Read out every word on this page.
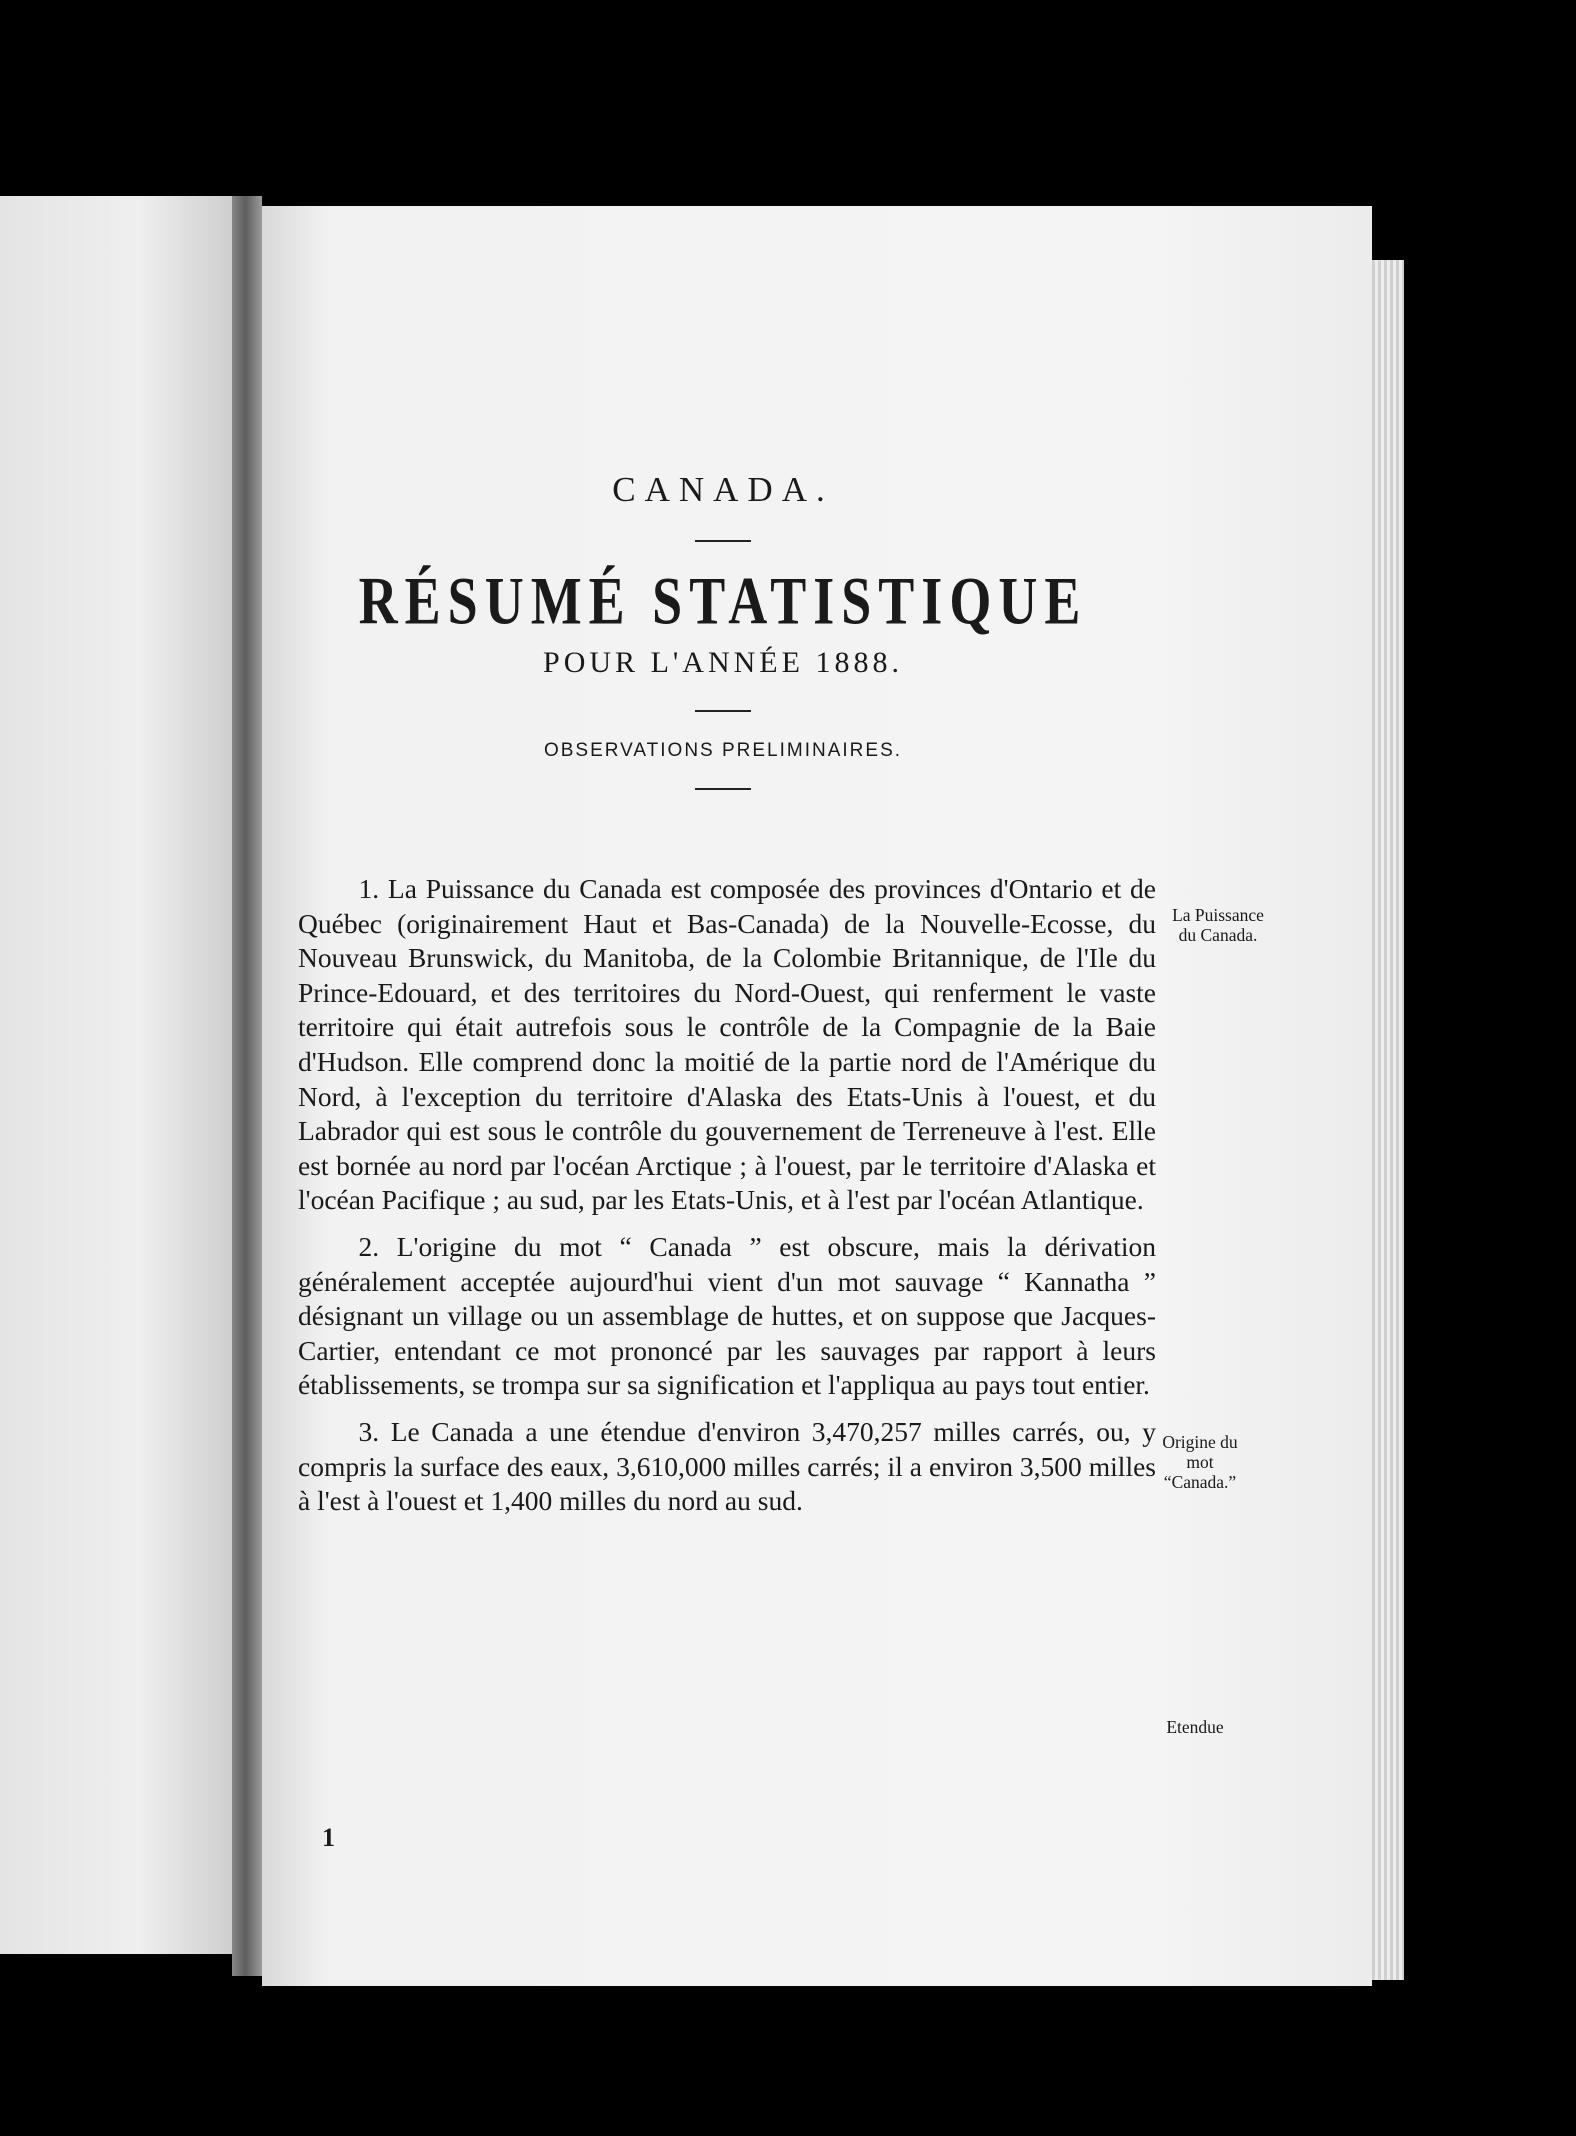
CANADA.

RÉSUMÉ STATISTIQUE
POUR L'ANNÉE 1888.

OBSERVATIONS PRELIMINAIRES.

1. La Puissance du Canada est composée des provinces d'Ontario et de Québec (originairement Haut et Bas-Canada) de la Nouvelle-Ecosse, du Nouveau Brunswick, du Manitoba, de la Colombie Britannique, de l'Ile du Prince-Edouard, et des territoires du Nord-Ouest, qui renferment le vaste territoire qui était autrefois sous le contrôle de la Compagnie de la Baie d'Hudson. Elle comprend donc la moitié de la partie nord de l'Amérique du Nord, à l'exception du territoire d'Alaska des Etats-Unis à l'ouest, et du Labrador qui est sous le contrôle du gouvernement de Terreneuve à l'est. Elle est bornée au nord par l'océan Arctique ; à l'ouest, par le territoire d'Alaska et l'océan Pacifique ; au sud, par les Etats-Unis, et à l'est par l'océan Atlantique.

2. L'origine du mot “ Canada ” est obscure, mais la dérivation généralement acceptée aujourd'hui vient d'un mot sauvage “ Kannatha ” désignant un village ou un assemblage de huttes, et on suppose que Jacques-Cartier, entendant ce mot prononcé par les sauvages par rapport à leurs établissements, se trompa sur sa signification et l'appliqua au pays tout entier.

3. Le Canada a une étendue d'environ 3,470,257 milles carrés, ou, y compris la surface des eaux, 3,610,000 milles carrés; il a environ 3,500 milles à l'est à l'ouest et 1,400 milles du nord au sud.

La Puissance du Canada.
Origine du mot “Canada.”
Etendue
1
